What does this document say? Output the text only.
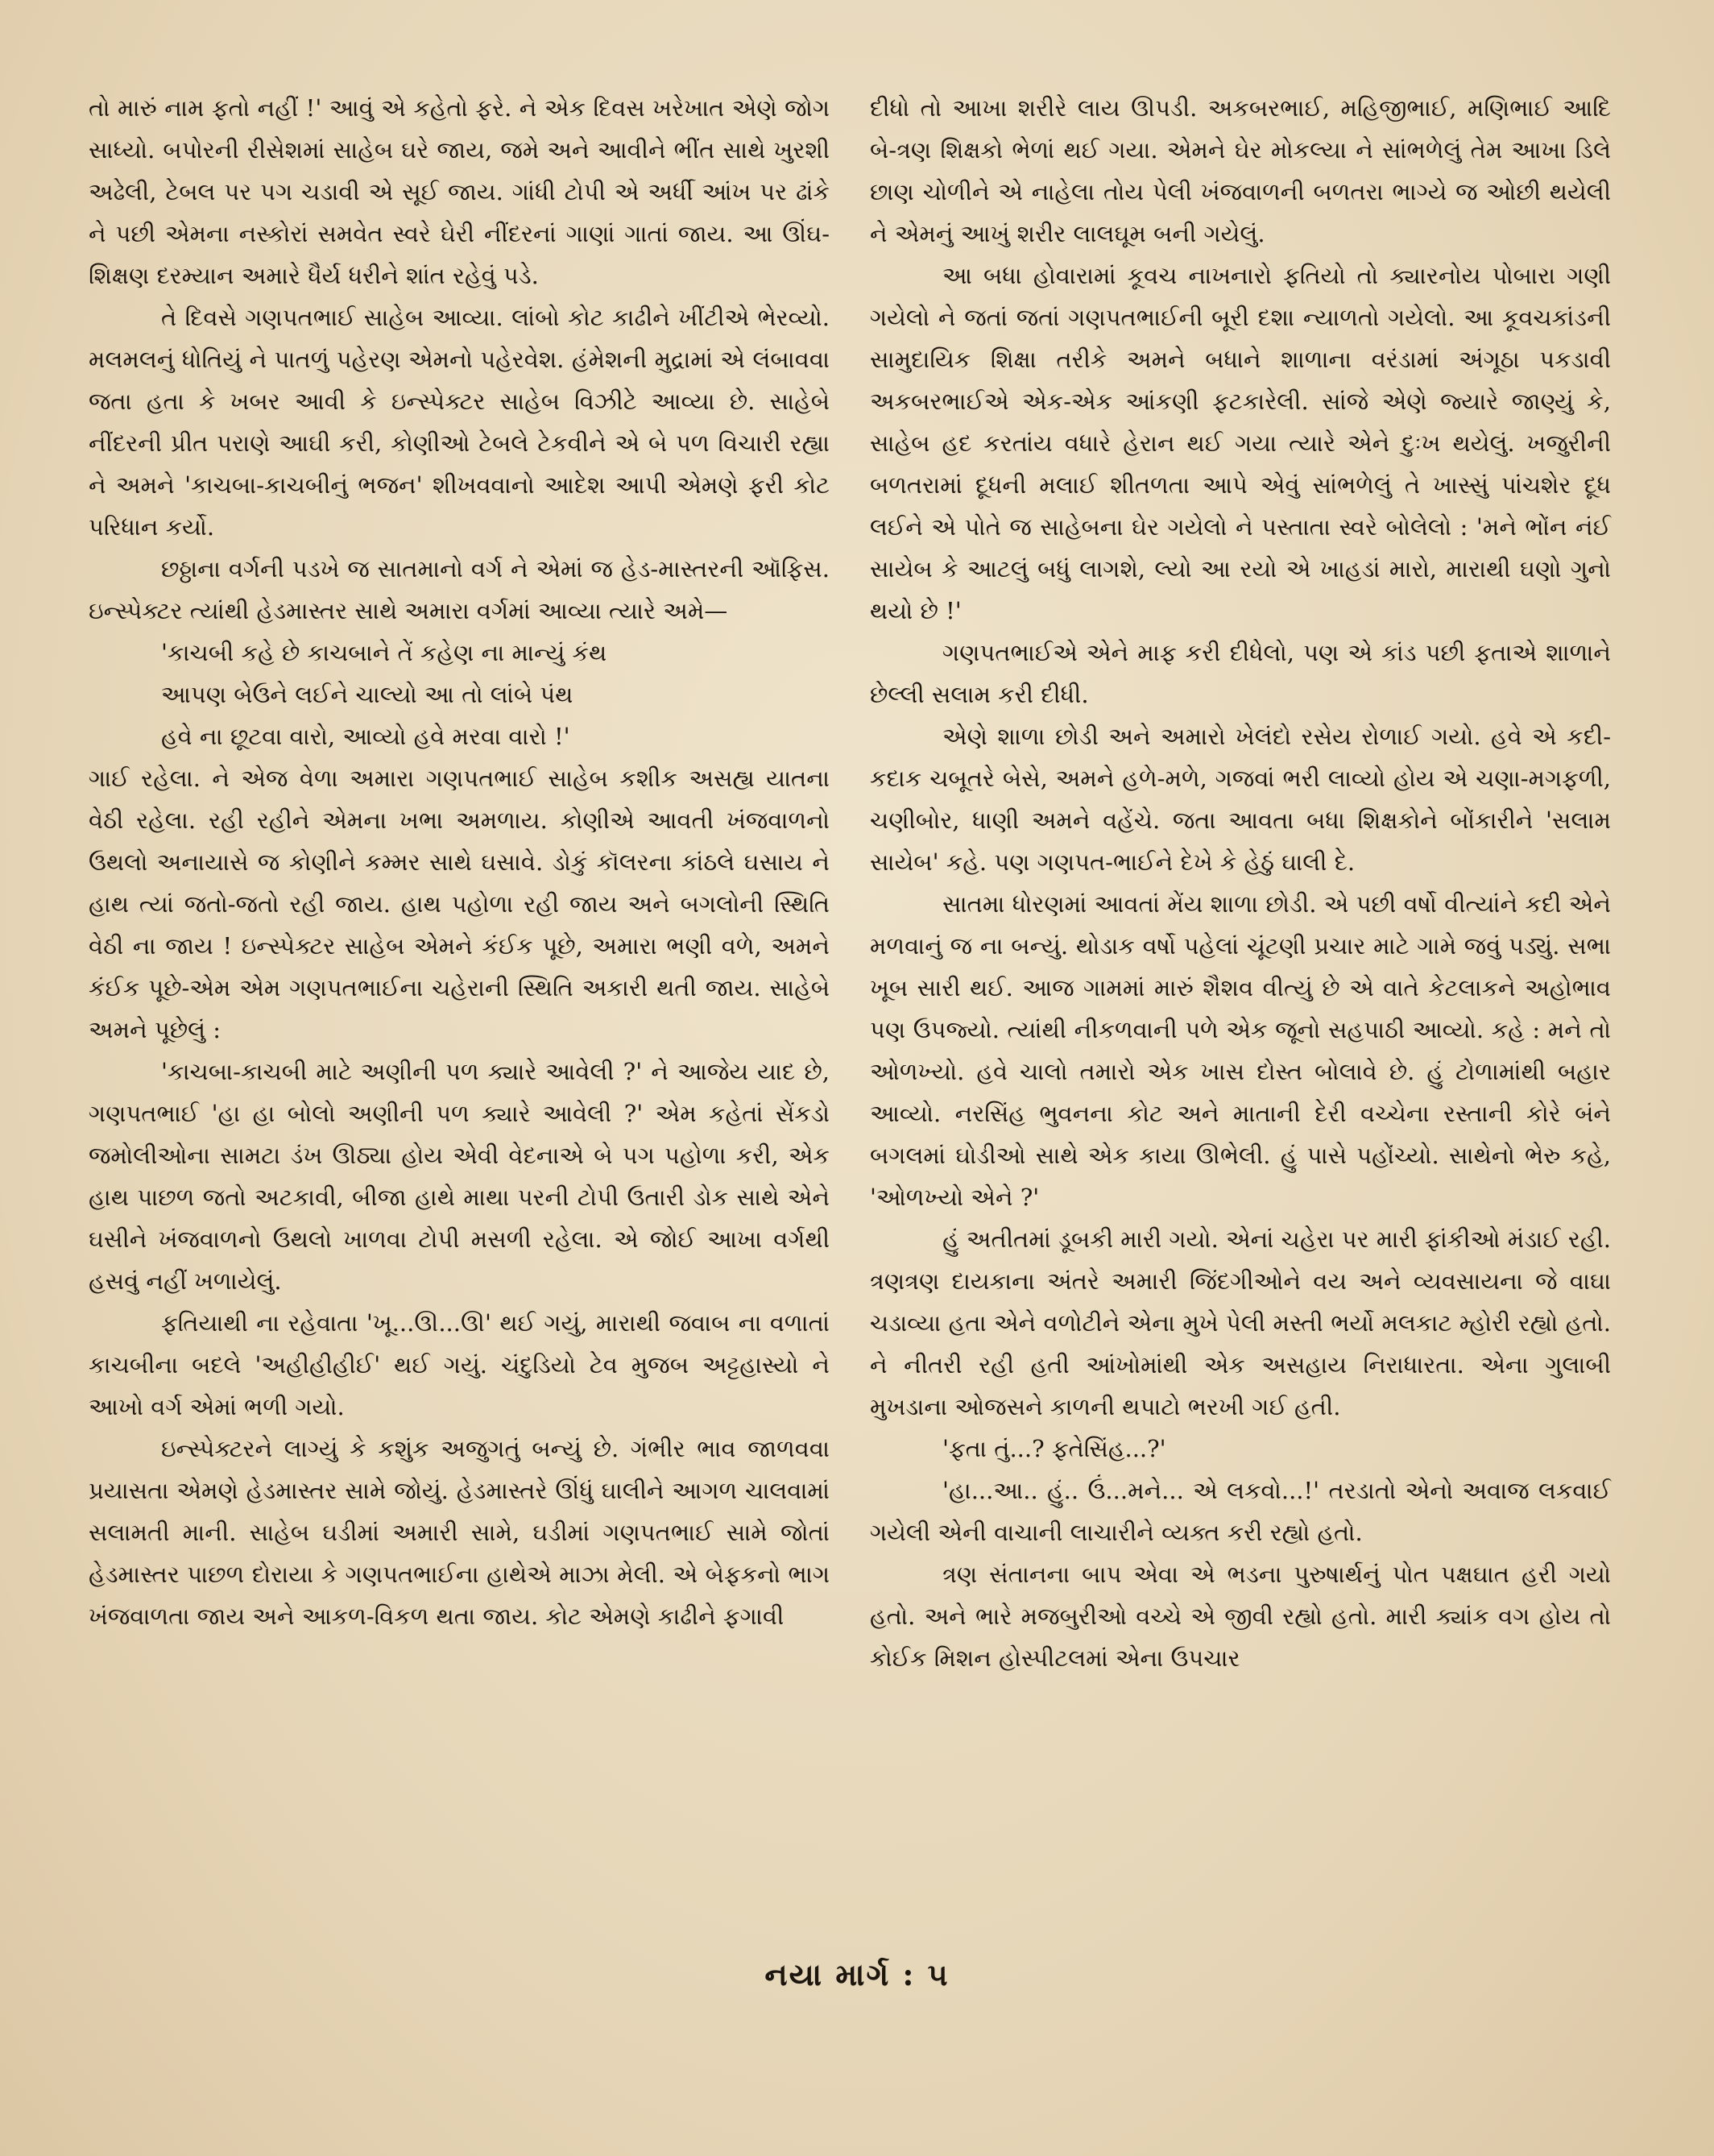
તો મારું નામ ફતો નહીં !' આવું એ કહેતો ફરે. ને એક દિવસ ખરેખાત એણે જોગ સાધ્યો. બપોરની રીસેશમાં સાહેબ ઘરે જાય, જમે અને આવીને ભીંત સાથે ખુરશી અઢેલી, ટેબલ પર પગ ચડાવી એ સૂઈ જાય. ગાંધી ટોપી એ અર્ધી આંખ પર ઢાંકે ને પછી એમના નસ્કોરાં સમવેત સ્વરે ઘેરી નીંદરનાં ગાણાં ગાતાં જાય. આ ઊંઘ-શિક્ષણ દરમ્યાન અમારે ધૈર્ય ધરીને શાંત રહેવું પડે.

તે દિવસે ગણપતભાઈ સાહેબ આવ્યા. લાંબો કોટ કાઢીને ખીંટીએ ભેરવ્યો. મલમલનું ધોતિયું ને પાતળું પહેરણ એમનો પહેરવેશ. હંમેશની મુદ્રામાં એ લંબાવવા જતા હતા કે ખબર આવી કે ઇન્સ્પેક્ટર સાહેબ વિઝીટે આવ્યા છે. સાહેબે નીંદરની પ્રીત પરાણે આઘી કરી, કોણીઓ ટેબલે ટેકવીને એ બે પળ વિચારી રહ્યા ને અમને 'કાચબા-કાચબીનું ભજન' શીખવવાનો આદેશ આપી એમણે ફરી કોટ પરિધાન કર્યો.

છઠ્ઠાના વર્ગની પડખે જ સાતમાનો વર્ગ ને એમાં જ હેડ-માસ્તરની ઑફિસ. ઇન્સ્પેક્ટર ત્યાંથી હેડમાસ્તર સાથે અમારા વર્ગમાં આવ્યા ત્યારે અમે—

'કાચબી કહે છે કાચબાને તેં કહેણ ના માન્યું કંથ

આપણ બેઉને લઈને ચાલ્યો આ તો લાંબે પંથ

હવે ના છૂટવા વારો, આવ્યો હવે મરવા વારો !'

ગાઈ રહેલા. ને એજ વેળા અમારા ગણપતભાઈ સાહેબ કશીક અસહ્ય યાતના વેઠી રહેલા. રહી રહીને એમના ખભા અમળાય. કોણીએ આવતી ખંજવાળનો ઉથલો અનાયાસે જ કોણીને કમ્મર સાથે ઘસાવે. ડોકું કૉલરના કાંઠલે ઘસાય ને હાથ ત્યાં જતો-જતો રહી જાય. હાથ પહોળા રહી જાય અને બગલોની સ્થિતિ વેઠી ના જાય ! ઇન્સ્પેક્ટર સાહેબ એમને કંઈક પૂછે, અમારા ભણી વળે, અમને કંઈક પૂછે-એમ એમ ગણપતભાઈના ચહેરાની સ્થિતિ અકારી થતી જાય. સાહેબે અમને પૂછેલું :

'કાચબા-કાચબી માટે અણીની પળ ક્યારે આવેલી ?' ને આજેય યાદ છે, ગણપતભાઈ 'હા હા બોલો અણીની પળ ક્યારે આવેલી ?' એમ કહેતાં સેંકડો જમોલીઓના સામટા ડંખ ઊઠ્યા હોય એવી વેદનાએ બે પગ પહોળા કરી, એક હાથ પાછળ જતો અટકાવી, બીજા હાથે માથા પરની ટોપી ઉતારી ડોક સાથે એને ઘસીને ખંજવાળનો ઉથલો ખાળવા ટોપી મસળી રહેલા. એ જોઈ આખા વર્ગથી હસવું નહીં ખળાયેલું.

ફતિયાથી ના રહેવાતા 'ખૂ...ઊ...ઊ' થઈ ગયું, મારાથી જવાબ ના વળાતાં કાચબીના બદલે 'અહીહીહીઈ' થઈ ગયું. ચંદુડિયો ટેવ મુજબ અટ્ટહાસ્યો ને આખો વર્ગ એમાં ભળી ગયો.

ઇન્સ્પેક્ટરને લાગ્યું કે કશુંક અજુગતું બન્યું છે. ગંભીર ભાવ જાળવવા પ્રયાસતા એમણે હેડમાસ્તર સામે જોયું. હેડમાસ્તરે ઊંધું ઘાલીને આગળ ચાલવામાં સલામતી માની. સાહેબ ઘડીમાં અમારી સામે, ઘડીમાં ગણપતભાઈ સામે જોતાં હેડમાસ્તર પાછળ દોરાયા કે ગણપતભાઈના હાથેએ માઝા મેલી. એ બેફકનો ભાગ ખંજવાળતા જાય અને આકળ-વિકળ થતા જાય. કોટ એમણે કાઢીને ફગાવી

દીધો તો આખા શરીરે લાય ઊપડી. અકબરભાઈ, મહિજીભાઈ, મણિભાઈ આદિ બે-ત્રણ શિક્ષકો ભેળાં થઈ ગયા. એમને ઘેર મોકલ્યા ને સાંભળેલું તેમ આખા ડિલે છાણ ચોળીને એ નાહેલા તોય પેલી ખંજવાળની બળતરા ભાગ્યે જ ઓછી થયેલી ને એમનું આખું શરીર લાલઘૂમ બની ગયેલું.

આ બધા હોવારામાં કૂવચ નાખનારો ફતિયો તો ક્યારનોય પોબારા ગણી ગયેલો ને જતાં જતાં ગણપતભાઈની બૂરી દશા ન્યાળતો ગયેલો. આ કૂવચકાંડની સામુદાયિક શિક્ષા તરીકે અમને બધાને શાળાના વરંડામાં અંગૂઠા પકડાવી અકબરભાઈએ એક-એક આંકણી ફટકારેલી. સાંજે એણે જ્યારે જાણ્યું કે, સાહેબ હદ કરતાંય વધારે હેરાન થઈ ગયા ત્યારે એને દુઃખ થયેલું. ખજુરીની બળતરામાં દૂધની મલાઈ શીતળતા આપે એવું સાંભળેલું તે ખાસ્સું પાંચશેર દૂધ લઈને એ પોતે જ સાહેબના ઘેર ગયેલો ને પસ્તાતા સ્વરે બોલેલો : 'મને ભોંન નંઈ સાયેબ કે આટલું બધું લાગશે, લ્યો આ રયો એ ખાહડાં મારો, મારાથી ઘણો ગુનો થયો છે !'

ગણપતભાઈએ એને માફ કરી દીધેલો, પણ એ કાંડ પછી ફતાએ શાળાને છેલ્લી સલામ કરી દીધી.

એણે શાળા છોડી અને અમારો ખેલંદો રસેય રોળાઈ ગયો. હવે એ કદી-કદાક ચબૂતરે બેસે, અમને હળે-મળે, ગજવાં ભરી લાવ્યો હોય એ ચણા-મગફળી, ચણીબોર, ધાણી અમને વહેંચે. જતા આવતા બધા શિક્ષકોને બોંકારીને 'સલામ સાયેબ' કહે. પણ ગણપત-ભાઈને દેખે કે હેઠું ઘાલી દે.

સાતમા ધોરણમાં આવતાં મેંય શાળા છોડી. એ પછી વર્ષો વીત્યાંને કદી એને મળવાનું જ ના બન્યું. થોડાક વર્ષો પહેલાં ચૂંટણી પ્રચાર માટે ગામે જવું પડ્યું. સભા ખૂબ સારી થઈ. આજ ગામમાં મારું શૈશવ વીત્યું છે એ વાતે કેટલાકને અહોભાવ પણ ઉપજ્યો. ત્યાંથી નીકળવાની પળે એક જૂનો સહપાઠી આવ્યો. કહે : મને તો ઓળખ્યો. હવે ચાલો તમારો એક ખાસ દોસ્ત બોલાવે છે. હું ટોળામાંથી બહાર આવ્યો. નરસિંહ ભુવનના કોટ અને માતાની દેરી વચ્ચેના રસ્તાની કોરે બંને બગલમાં ઘોડીઓ સાથે એક કાયા ઊભેલી. હું પાસે પહોંચ્યો. સાથેનો ભેરુ કહે, 'ઓળખ્યો એને ?'

હું અતીતમાં ડૂબકી મારી ગયો. એનાં ચહેરા પર મારી ફાંકીઓ મંડાઈ રહી. ત્રણત્રણ દાયકાના અંતરે અમારી જિંદગીઓને વય અને વ્યવસાયના જે વાઘા ચડાવ્યા હતા એને વળોટીને એના મુખે પેલી મસ્તી ભર્યો મલકાટ મ્હોરી રહ્યો હતો. ને નીતરી રહી હતી આંખોમાંથી એક અસહાય નિરાધારતા. એના ગુલાબી મુખડાના ઓજસને કાળની થપાટો ભરખી ગઈ હતી.

'ફતા તું...? ફતેસિંહ...?'

'હા...આ.. હું.. ઉં...મને... એ લકવો...!' તરડાતો એનો અવાજ લકવાઈ ગયેલી એની વાચાની લાચારીને વ્યક્ત કરી રહ્યો હતો.

ત્રણ સંતાનના બાપ એવા એ ભડના પુરુષાર્થનું પોત પક્ષઘાત હરી ગયો હતો. અને ભારે મજબુરીઓ વચ્ચે એ જીવી રહ્યો હતો. મારી ક્યાંક વગ હોય તો કોઈક મિશન હોસ્પીટલમાં એના ઉપચાર

નયા માર્ગ : ૫
